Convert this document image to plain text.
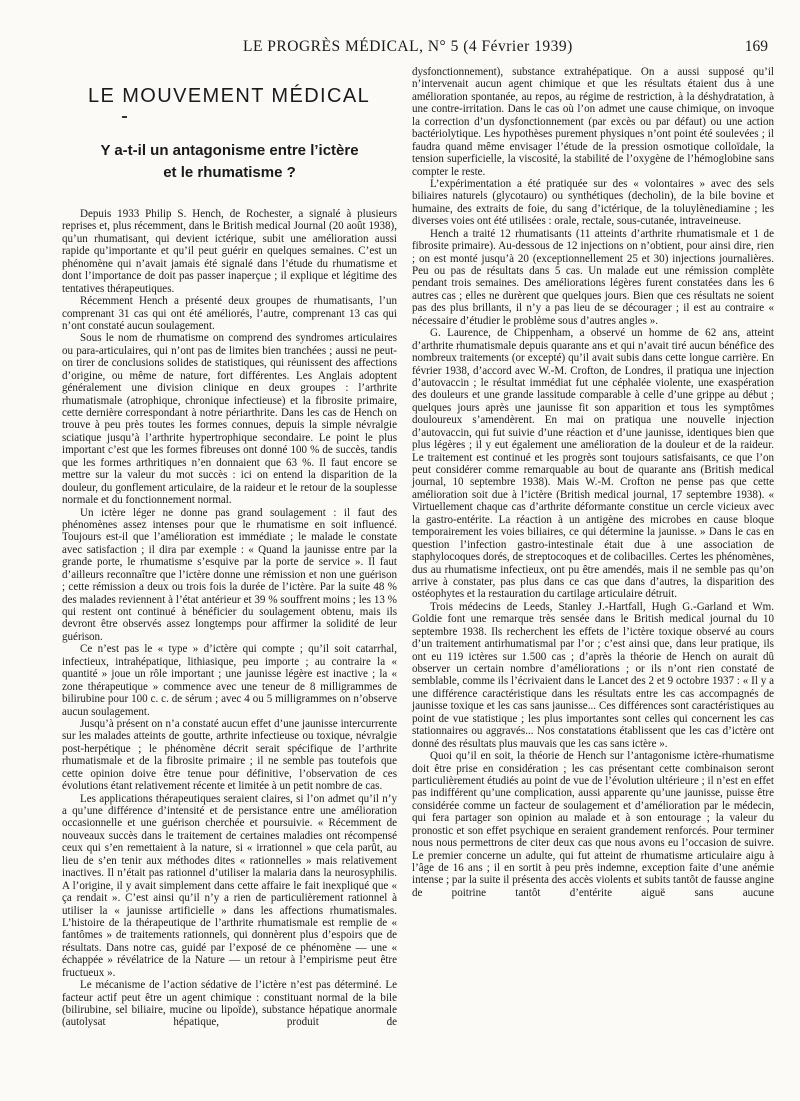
LE PROGRÈS MÉDICAL, N° 5 (4 Février 1939)	169
LE MOUVEMENT MÉDICAL
Y a-t-il un antagonisme entre l’ictère
et le rhumatisme ?

Depuis 1933 Philip S. Hench, de Rochester, a signalé à plusieurs reprises et, plus récemment, dans le British medical Journal (20 août 1938), qu’un rhumatisant, qui devient ictérique, subit une amélioration aussi rapide qu’importante et qu’il peut guérir en quelques semaines. C’est un phénomène qui n’avait jamais été signalé dans l’étude du rhumatisme et dont l’importance de doit pas passer inaperçue ; il explique et légitime des tentatives thérapeutiques.

Récemment Hench a présenté deux groupes de rhumatisants, l’un comprenant 31 cas qui ont été améliorés, l’autre, comprenant 13 cas qui n’ont constaté aucun soulagement.

Sous le nom de rhumatisme on comprend des syndromes articulaires ou para-articulaires, qui n’ont pas de limites bien tranchées ; aussi ne peut-on tirer de conclusions solides de statistiques, qui réunissent des affections d’origine, ou même de nature, fort différentes. Les Anglais adoptent généralement une division clinique en deux groupes : l’arthrite rhumatismale (atrophique, chronique infectieuse) et la fibrosite primaire, cette dernière correspondant à notre périarthrite. Dans les cas de Hench on trouve à peu près toutes les formes connues, depuis la simple névralgie sciatique jusqu’à l’arthrite hypertrophique secondaire. Le point le plus important c’est que les formes fibreuses ont donné 100 % de succès, tandis que les formes arthritiques n’en donnaient que 63 %. Il faut encore se mettre sur la valeur du mot succès : ici on entend la disparition de la douleur, du gonflement articulaire, de la raideur et le retour de la souplesse normale et du fonctionnement normal.

Un ictère léger ne donne pas grand soulagement : il faut des phénomènes assez intenses pour que le rhumatisme en soit influencé. Toujours est-il que l’amélioration est immédiate ; le malade le constate avec satisfaction ; il dira par exemple : « Quand la jaunisse entre par la grande porte, le rhumatisme s’esquive par la porte de service ». Il faut d’ailleurs reconnaître que l’ictère donne une rémission et non une guérison ; cette rémission a deux ou trois fois la durée de l’ictère. Par la suite 48 % des malades reviennent à l’état antérieur et 39 % souffrent moins ; les 13 % qui restent ont continué à bénéficier du soulagement obtenu, mais ils devront être observés assez longtemps pour affirmer la solidité de leur guérison.

Ce n’est pas le « type » d’ictère qui compte ; qu’il soit catarrhal, infectieux, intrahépatique, lithiasique, peu importe ; au contraire la « quantité » joue un rôle important ; une jaunisse légère est inactive ; la « zone thérapeutique » commence avec une teneur de 8 milligrammes de bilirubine pour 100 c. c. de sérum ; avec 4 ou 5 milligrammes on n’observe aucun soulagement.

Jusqu’à présent on n’a constaté aucun effet d’une jaunisse intercurrente sur les malades atteints de goutte, arthrite infectieuse ou toxique, névralgie post-herpétique ; le phénomène décrit serait spécifique de l’arthrite rhumatismale et de la fibrosite primaire ; il ne semble pas toutefois que cette opinion doive être tenue pour définitive, l’observation de ces évolutions étant relativement récente et limitée à un petit nombre de cas.

Les applications thérapeutiques seraient claires, si l’on admet qu’il n’y a qu’une différence d’intensité et de persistance entre une amélioration occasionnelle et une guérison cherchée et poursuivie. « Récemment de nouveaux succès dans le traitement de certaines maladies ont récompensé ceux qui s’en remettaient à la nature, si « irrationnel » que cela parût, au lieu de s’en tenir aux méthodes dites « rationnelles » mais relativement inactives. Il n’était pas rationnel d’utiliser la malaria dans la neurosyphilis. A l’origine, il y avait simplement dans cette affaire le fait inexpliqué que « ça rendait ». C’est ainsi qu’il n’y a rien de particulièrement rationnel à utiliser la « jaunisse artificielle » dans les affections rhumatismales. L’histoire de la thérapeutique de l’arthrite rhumatismale est remplie de « fantômes » de traitements rationnels, qui donnèrent plus d’espoirs que de résultats. Dans notre cas, guidé par l’exposé de ce phénomène — une « échappée » révélatrice de la Nature — un retour à l’empirisme peut être fructueux ».

Le mécanisme de l’action sédative de l’ictère n’est pas déterminé. Le facteur actif peut être un agent chimique : constituant normal de la bile (bilirubine, sel biliaire, mucine ou lipoïde), substance hépatique anormale (autolysat hépatique, produit de

dysfonctionnement), substance extrahépatique. On a aussi supposé qu’il n’intervenait aucun agent chimique et que les résultats étaient dus à une amélioration spontanée, au repos, au régime de restriction, à la déshydratation, à une contre-irritation. Dans le cas où l’on admet une cause chimique, on invoque la correction d’un dysfonctionnement (par excès ou par défaut) ou une action bactériolytique. Les hypothèses purement physiques n’ont point été soulevées ; il faudra quand même envisager l’étude de la pression osmotique colloïdale, la tension superficielle, la viscosité, la stabilité de l’oxygène de l’hémoglobine sans compter le reste.

L’expérimentation a été pratiquée sur des « volontaires » avec des sels biliaires naturels (glycotauro) ou synthétiques (decholin), de la bile bovine et humaine, des extraits de foie, du sang d’ictérique, de la toluylènediamine ; les diverses voies ont été utilisées : orale, rectale, sous-cutanée, intraveineuse.

Hench a traité 12 rhumatisants (11 atteints d’arthrite rhumatismale et 1 de fibrosite primaire). Au-dessous de 12 injections on n’obtient, pour ainsi dire, rien ; on est monté jusqu’à 20 (exceptionnellement 25 et 30) injections journalières. Peu ou pas de résultats dans 5 cas. Un malade eut une rémission complète pendant trois semaines. Des améliorations légères furent constatées dans les 6 autres cas ; elles ne durèrent que quelques jours. Bien que ces résultats ne soient pas des plus brillants, il n’y a pas lieu de se décourager ; il est au contraire « nécessaire d’étudier le problème sous d’autres angles ».

G. Laurence, de Chippenham, a observé un homme de 62 ans, atteint d’arthrite rhumatismale depuis quarante ans et qui n’avait tiré aucun bénéfice des nombreux traitements (or excepté) qu’il avait subis dans cette longue carrière. En février 1938, d’accord avec W.-M. Crofton, de Londres, il pratiqua une injection d’autovaccin ; le résultat immédiat fut une céphalée violente, une exaspération des douleurs et une grande lassitude comparable à celle d’une grippe au début ; quelques jours après une jaunisse fit son apparition et tous les symptômes douloureux s’amendèrent. En mai on pratiqua une nouvelle injection d’autovaccin, qui fut suivie d’une réaction et d’une jaunisse, identiques bien que plus légères ; il y eut également une amélioration de la douleur et de la raideur. Le traitement est continué et les progrès sont toujours satisfaisants, ce que l’on peut considérer comme remarquable au bout de quarante ans (British medical journal, 10 septembre 1938). Mais W.-M. Crofton ne pense pas que cette amélioration soit due à l’ictère (British medical journal, 17 septembre 1938). « Virtuellement chaque cas d’arthrite déformante constitue un cercle vicieux avec la gastro-entérite. La réaction à un antigène des microbes en cause bloque temporairement les voies biliaires, ce qui détermine la jaunisse. » Dans le cas en question l’infection gastro-intestinale était due à une association de staphylocoques dorés, de streptocoques et de colibacilles. Certes les phénomènes, dus au rhumatisme infectieux, ont pu être amendés, mais il ne semble pas qu’on arrive à constater, pas plus dans ce cas que dans d’autres, la disparition des ostéophytes et la restauration du cartilage articulaire détruit.

Trois médecins de Leeds, Stanley J.-Hartfall, Hugh G.-Garland et Wm. Goldie font une remarque très sensée dans le British medical journal du 10 septembre 1938. Ils recherchent les effets de l’ictère toxique observé au cours d’un traitement antirhumatismal par l’or ; c’est ainsi que, dans leur pratique, ils ont eu 119 ictères sur 1.500 cas ; d’après la théorie de Hench on aurait dû observer un certain nombre d’améliorations ; or ils n’ont rien constaté de semblable, comme ils l’écrivaient dans le Lancet des 2 et 9 octobre 1937 : « Il y a une différence caractéristique dans les résultats entre les cas accompagnés de jaunisse toxique et les cas sans jaunisse... Ces différences sont caractéristiques au point de vue statistique ; les plus importantes sont celles qui concernent les cas stationnaires ou aggravés... Nos constatations établissent que les cas d’ictère ont donné des résultats plus mauvais que les cas sans ictère ».

Quoi qu’il en soit, la théorie de Hench sur l’antagonisme ictère-rhumatisme doit être prise en considération ; les cas présentant cette combinaison seront particulièrement étudiés au point de vue de l’évolution ultérieure ; il n’est en effet pas indifférent qu’une complication, aussi apparente qu’une jaunisse, puisse être considérée comme un facteur de soulagement et d’amélioration par le médecin, qui fera partager son opinion au malade et à son entourage ; la valeur du pronostic et son effet psychique en seraient grandement renforcés. Pour terminer nous nous permettrons de citer deux cas que nous avons eu l’occasion de suivre. Le premier concerne un adulte, qui fut atteint de rhumatisme articulaire aigu à l’âge de 16 ans ; il en sortit à peu près indemne, exception faite d’une anémie intense ; par la suite il présenta des accès violents et subits tantôt de fausse angine de poitrine tantôt d’entérite aiguë sans aucune
